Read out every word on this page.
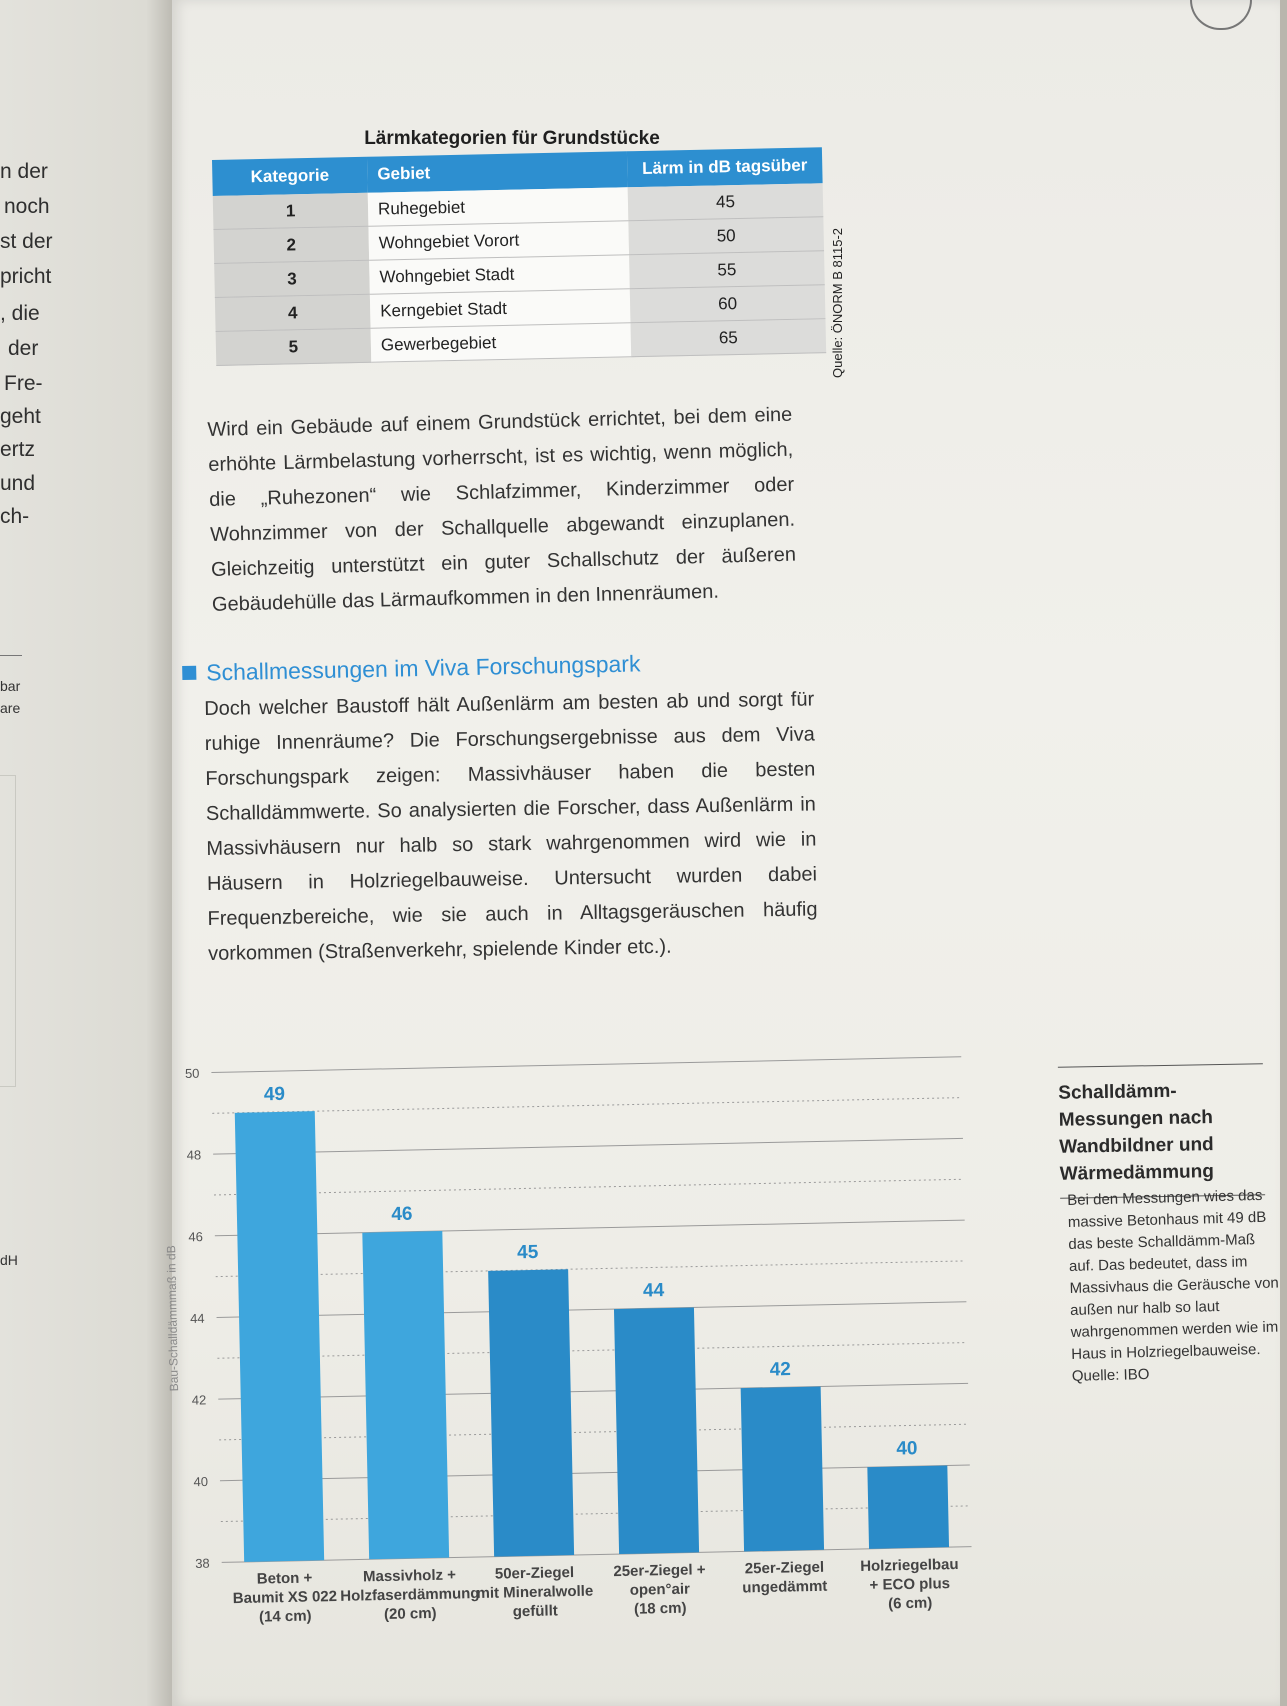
n der
noch
st der
pricht
, die
der
Fre-
geht
ertz
und
ch-
bar
are
dH
Lärmkategorien für Grundstücke
Kategorie	Gebiet	Lärm in dB tagsüber
1	Ruhegebiet	45
2	Wohngebiet Vorort	50
3	Wohngebiet Stadt	55
4	Kerngebiet Stadt	60
5	Gewerbegebiet	65	Quelle: ÖNORM B 8115-2
Wird ein Gebäude auf einem Grundstück errichtet, bei dem eine erhöhte Lärmbelastung vorherrscht, ist es wichtig, wenn möglich, die „Ruhezonen“ wie Schlafzimmer, Kinderzimmer oder Wohnzimmer von der Schallquelle abgewandt einzuplanen. Gleichzeitig unterstützt ein guter Schallschutz der äußeren Gebäudehülle das Lärmaufkommen in den Innenräumen.
Schallmessungen im Viva Forschungspark
Doch welcher Baustoff hält Außenlärm am besten ab und sorgt für ruhige Innenräume? Die Forschungsergebnisse aus dem Viva Forschungspark zeigen: Massivhäuser haben die besten Schalldämmwerte. So analysierten die Forscher, dass Außenlärm in Massivhäusern nur halb so stark wahrgenommen wird wie in Häusern in Holzriegelbauweise. Untersucht wurden dabei Frequenzbereiche, wie sie auch in Alltagsgeräuschen häufig vorkommen (Straßenverkehr, spielende Kinder etc.).
38
40
42
44
46
48
50
Bau-Schalldämmmaß in dB
49
Beton +
Baumit XS 022
(14 cm)
46
Massivholz +
Holzfaserdämmung
(20 cm)
45
50er-Ziegel
mit Mineralwolle
gefüllt
44
25er-Ziegel +
open°air
(18 cm)
42
25er-Ziegel
ungedämmt
40
Holzriegelbau
+ ECO plus
(6 cm)
Schalldämm-Messungen nach Wandbildner und Wärmedämmung
Bei den Messungen wies das massive Betonhaus mit 49 dB das beste Schalldämm-Maß auf. Das bedeutet, dass im Massivhaus die Geräusche von außen nur halb so laut wahrgenommen werden wie im Haus in Holzriegelbauweise.
Quelle: IBO
